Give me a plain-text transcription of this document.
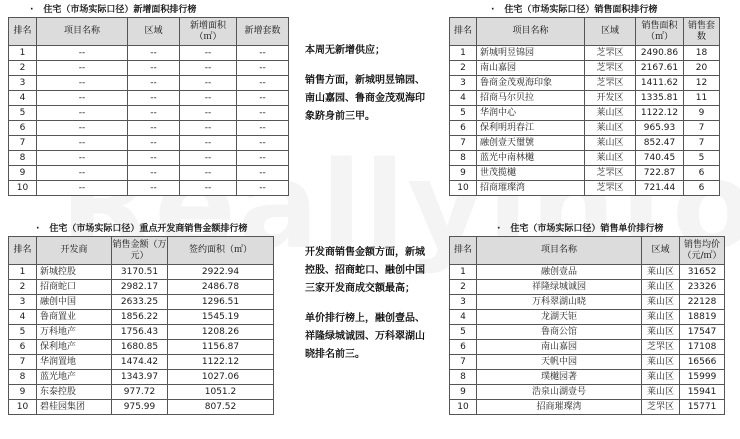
· 住宅（市场实际口径）新增面积排行榜
排名	项目名称	区域	新增面积（㎡）	新增套数
1	--	--	--	--
2	--	--	--	--
3	--	--	--	--
4	--	--	--	--
5	--	--	--	--
6	--	--	--	--
7	--	--	--	--
8	--	--	--	--
9	--	--	--	--
10	--	--	--	--
· 住宅（市场实际口径）销售面积排行榜
排名	项目名称	区域	销售面积（㎡）	销售套数
1	新城明昱锦园	芝罘区	2490.86	18
2	南山嘉园	芝罘区	2167.61	20
3	鲁商金茂观海印象	芝罘区	1411.62	12
4	招商马尔贝拉	开发区	1335.81	11
5	华润中心	莱山区	1122.12	9
6	保利明玥春江	莱山区	965.93	7
7	融创壹天璽號	莱山区	852.47	7
8	蓝光中南林樾	莱山区	740.45	5
9	世茂揽樾	芝罘区	722.87	6
10	招商璀璨湾	芝罘区	721.44	6
· 住宅（市场实际口径）重点开发商销售金额排行榜
排名	开发商	销售金额（万元）	签约面积（㎡）
1	新城控股	3170.51	2922.94
2	招商蛇口	2982.17	2486.78
3	融创中国	2633.25	1296.51
4	鲁商置业	1856.22	1545.19
5	万科地产	1756.43	1208.26
6	保利地产	1680.85	1156.87
7	华润置地	1474.42	1122.12
8	蓝光地产	1343.97	1027.06
9	东泰控股	977.72	1051.2
10	碧桂园集团	975.99	807.52
· 住宅（市场实际口径）销售单价排行榜
排名	项目名称	区域	销售均价（元/㎡）
1	融创壹品	莱山区	31652
2	祥隆绿城诚园	莱山区	23326
3	万科翠湖山晓	莱山区	22128
4	龙湖天钜	莱山区	18819
5	鲁商公馆	莱山区	17547
6	南山嘉园	芝罘区	17108
7	天帆中园	莱山区	16566
8	璞樾园著	莱山区	15999
9	浩泉山湖壹号	莱山区	15941
10	招商璀璨湾	芝罘区	15771

本周无新增供应；

销售方面，新城明昱锦园、南山嘉园、鲁商金茂观海印象跻身前三甲。

开发商销售金额方面，新城控股、招商蛇口、融创中国三家开发商成交额最高；

单价排行榜上，融创壹品、祥隆绿城诚园、万科翠湖山晓排名前三。
